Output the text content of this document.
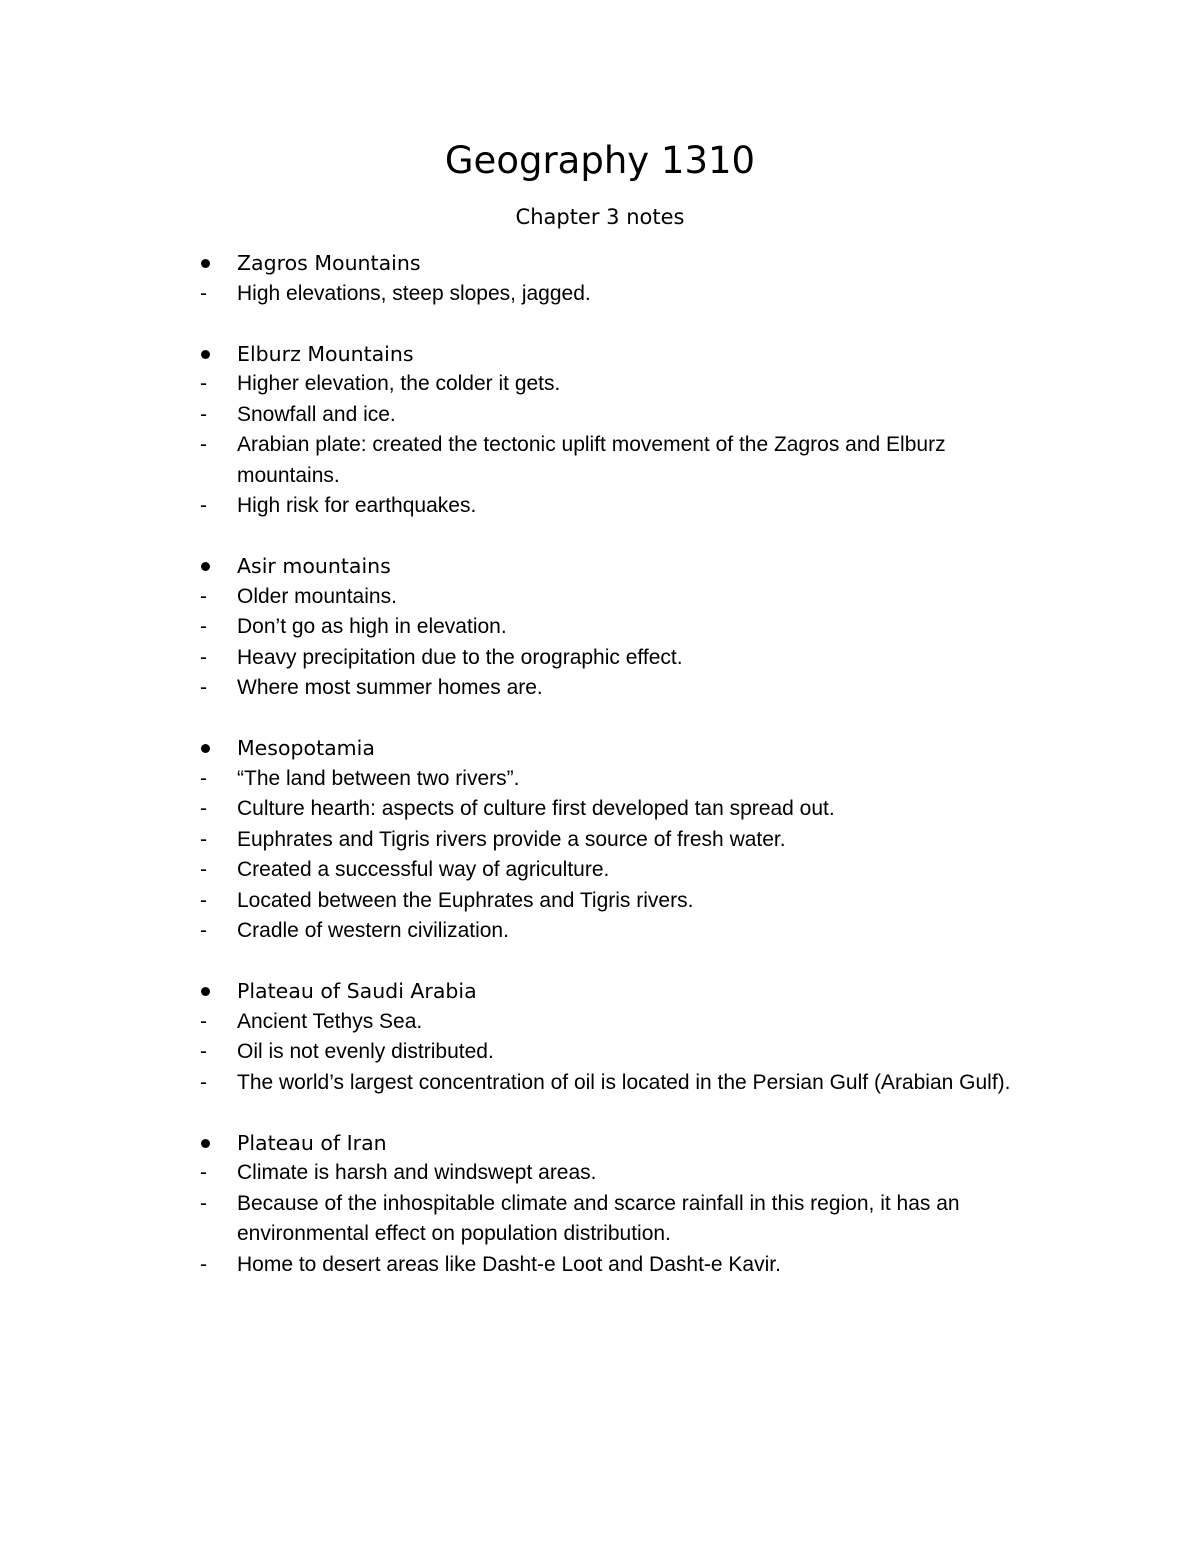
Geography 1310
Chapter 3 notes
Zagros Mountains
-	High elevations, steep slopes, jagged.
Elburz Mountains
-	Higher elevation, the colder it gets.
-	Snowfall and ice.
-	Arabian plate: created the tectonic uplift movement of the Zagros and Elburz mountains.
-	High risk for earthquakes.
Asir mountains
-	Older mountains.
-	Don’t go as high in elevation.
-	Heavy precipitation due to the orographic effect.
-	Where most summer homes are.
Mesopotamia
-	“The land between two rivers”.
-	Culture hearth: aspects of culture first developed tan spread out.
-	Euphrates and Tigris rivers provide a source of fresh water.
-	Created a successful way of agriculture.
-	Located between the Euphrates and Tigris rivers.
-	Cradle of western civilization.
Plateau of Saudi Arabia
-	Ancient Tethys Sea.
-	Oil is not evenly distributed.
-	The world’s largest concentration of oil is located in the Persian Gulf (Arabian Gulf).
Plateau of Iran
-	Climate is harsh and windswept areas.
-	Because of the inhospitable climate and scarce rainfall in this region, it has an environmental effect on population distribution.
-	Home to desert areas like Dasht-e Loot and Dasht-e Kavir.
